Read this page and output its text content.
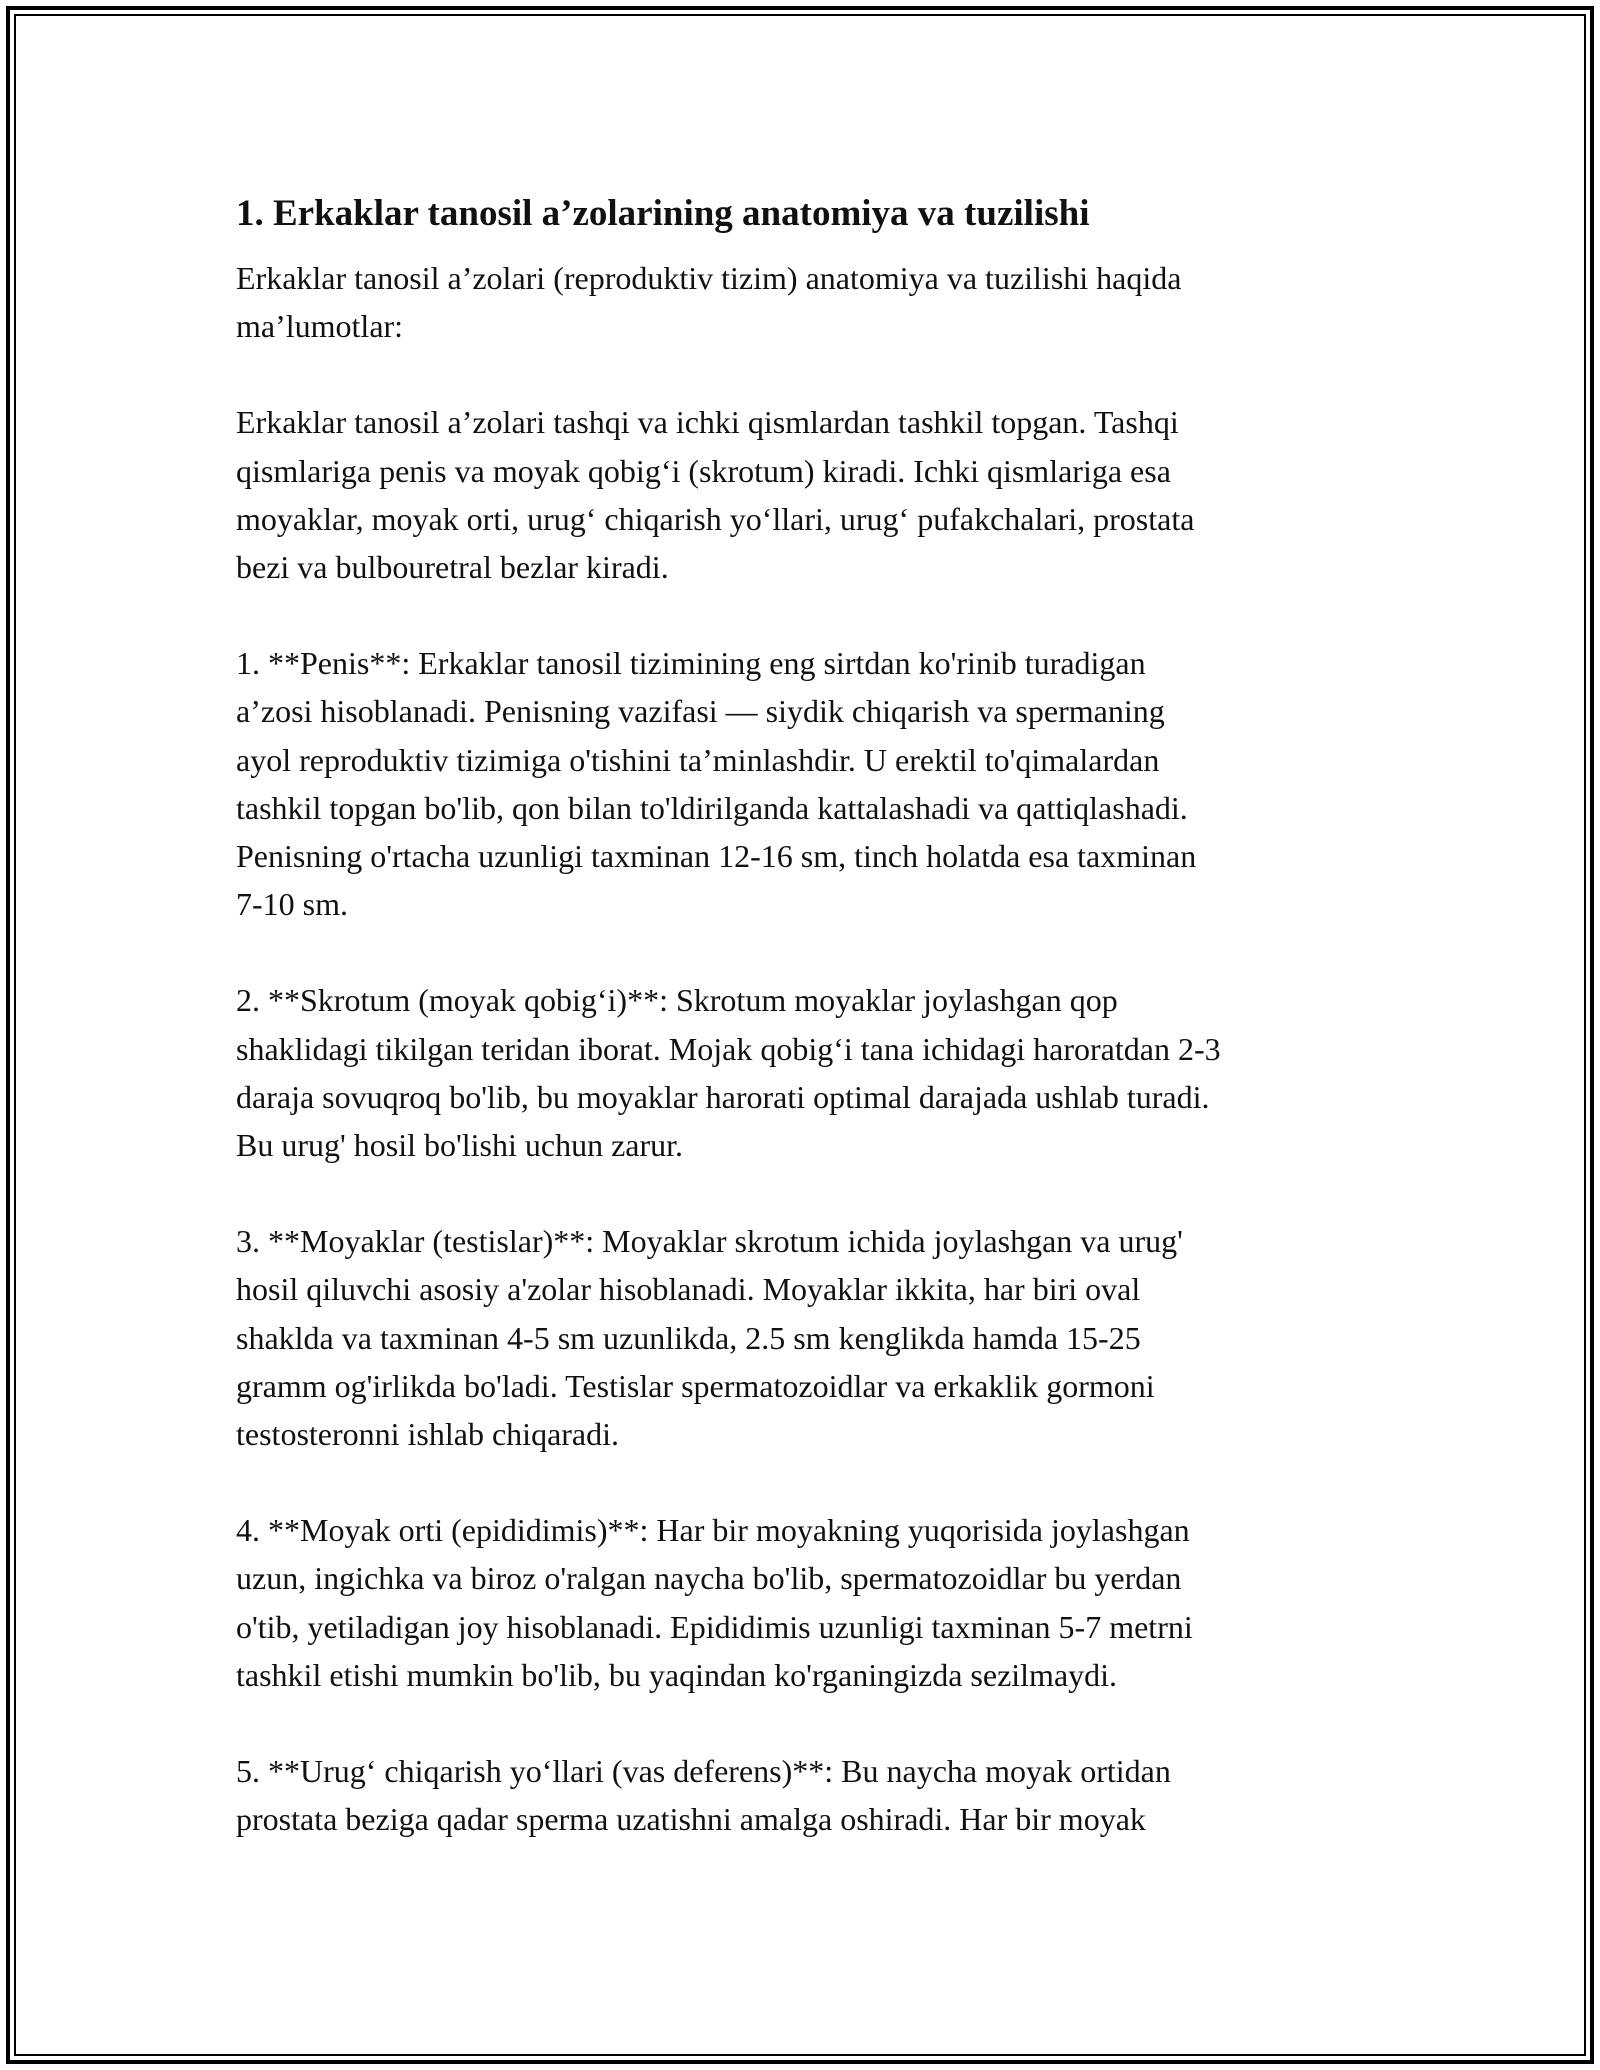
1. Erkaklar tanosil a’zolarining anatomiya va tuzilishi

Erkaklar tanosil a’zolari (reproduktiv tizim) anatomiya va tuzilishi haqida
ma’lumotlar:

Erkaklar tanosil a’zolari tashqi va ichki qismlardan tashkil topgan. Tashqi
qismlariga penis va moyak qobig‘i (skrotum) kiradi. Ichki qismlariga esa
moyaklar, moyak orti, urug‘ chiqarish yo‘llari, urug‘ pufakchalari, prostata
bezi va bulbouretral bezlar kiradi.

1. **Penis**: Erkaklar tanosil tizimining eng sirtdan ko'rinib turadigan
a’zosi hisoblanadi. Penisning vazifasi — siydik chiqarish va spermaning
ayol reproduktiv tizimiga o'tishini ta’minlashdir. U erektil to'qimalardan
tashkil topgan bo'lib, qon bilan to'ldirilganda kattalashadi va qattiqlashadi.
Penisning o'rtacha uzunligi taxminan 12-16 sm, tinch holatda esa taxminan
7-10 sm.

2. **Skrotum (moyak qobig‘i)**: Skrotum moyaklar joylashgan qop
shaklidagi tikilgan teridan iborat. Mojak qobig‘i tana ichidagi haroratdan 2-3
daraja sovuqroq bo'lib, bu moyaklar harorati optimal darajada ushlab turadi.
Bu urug' hosil bo'lishi uchun zarur.

3. **Moyaklar (testislar)**: Moyaklar skrotum ichida joylashgan va urug'
hosil qiluvchi asosiy a'zolar hisoblanadi. Moyaklar ikkita, har biri oval
shaklda va taxminan 4-5 sm uzunlikda, 2.5 sm kenglikda hamda 15-25
gramm og'irlikda bo'ladi. Testislar spermatozoidlar va erkaklik gormoni
testosteronni ishlab chiqaradi.

4. **Moyak orti (epididimis)**: Har bir moyakning yuqorisida joylashgan
uzun, ingichka va biroz o'ralgan naycha bo'lib, spermatozoidlar bu yerdan
o'tib, yetiladigan joy hisoblanadi. Epididimis uzunligi taxminan 5-7 metrni
tashkil etishi mumkin bo'lib, bu yaqindan ko'rganingizda sezilmaydi.

5. **Urug‘ chiqarish yo‘llari (vas deferens)**: Bu naycha moyak ortidan
prostata beziga qadar sperma uzatishni amalga oshiradi. Har bir moyak
